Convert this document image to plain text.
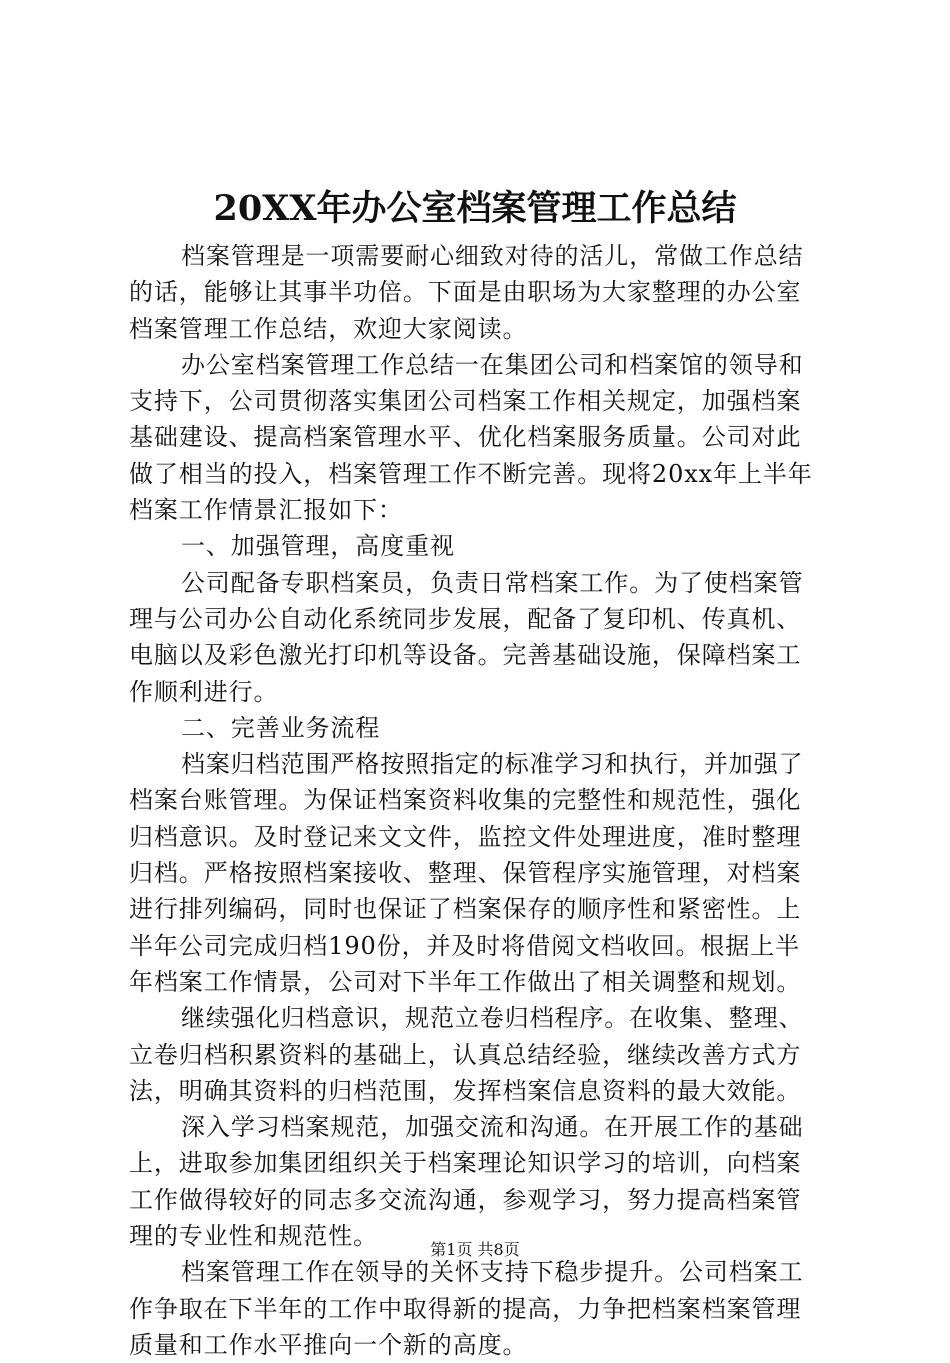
20XX年办公室档案管理工作总结
档案管理是一项需要耐心细致对待的活儿，常做工作总结
的话，能够让其事半功倍。下面是由职场为大家整理的办公室
档案管理工作总结，欢迎大家阅读。
办公室档案管理工作总结一在集团公司和档案馆的领导和
支持下，公司贯彻落实集团公司档案工作相关规定，加强档案
基础建设、提高档案管理水平、优化档案服务质量。公司对此
做了相当的投入，档案管理工作不断完善。现将20xx年上半年
档案工作情景汇报如下：
一、加强管理，高度重视
公司配备专职档案员，负责日常档案工作。为了使档案管
理与公司办公自动化系统同步发展，配备了复印机、传真机、
电脑以及彩色激光打印机等设备。完善基础设施，保障档案工
作顺利进行。
二、完善业务流程
档案归档范围严格按照指定的标准学习和执行，并加强了
档案台账管理。为保证档案资料收集的完整性和规范性，强化
归档意识。及时登记来文文件，监控文件处理进度，准时整理
归档。严格按照档案接收、整理、保管程序实施管理，对档案
进行排列编码，同时也保证了档案保存的顺序性和紧密性。上
半年公司完成归档190份，并及时将借阅文档收回。根据上半
年档案工作情景，公司对下半年工作做出了相关调整和规划。
继续强化归档意识，规范立卷归档程序。在收集、整理、
立卷归档积累资料的基础上，认真总结经验，继续改善方式方
法，明确其资料的归档范围，发挥档案信息资料的最大效能。
深入学习档案规范，加强交流和沟通。在开展工作的基础
上，进取参加集团组织关于档案理论知识学习的培训，向档案
工作做得较好的同志多交流沟通，参观学习，努力提高档案管
理的专业性和规范性。
档案管理工作在领导的关怀支持下稳步提升。公司档案工
作争取在下半年的工作中取得新的提高，力争把档案档案管理
质量和工作水平推向一个新的高度。
第1页 共8页
